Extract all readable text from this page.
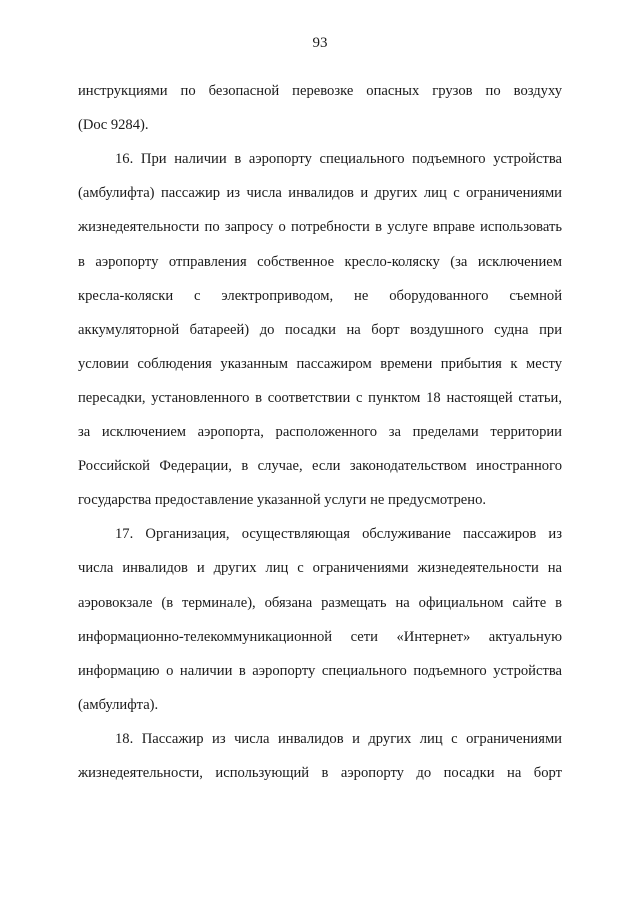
93
инструкциями по безопасной перевозке опасных грузов по воздуху
(Doc 9284).
16. При наличии в аэропорту специального подъемного устройства
(амбулифта) пассажир из числа инвалидов и других лиц с ограничениями
жизнедеятельности по запросу о потребности в услуге вправе использовать
в аэропорту отправления собственное кресло-коляску (за исключением
кресла-коляски с электроприводом, не оборудованного съемной
аккумуляторной батареей) до посадки на борт воздушного судна при
условии соблюдения указанным пассажиром времени прибытия к месту
пересадки, установленного в соответствии с пунктом 18 настоящей статьи,
за исключением аэропорта, расположенного за пределами территории
Российской Федерации, в случае, если законодательством иностранного
государства предоставление указанной услуги не предусмотрено.
17. Организация, осуществляющая обслуживание пассажиров из
числа инвалидов и других лиц с ограничениями жизнедеятельности на
аэровокзале (в терминале), обязана размещать на официальном сайте в
информационно-телекоммуникационной сети «Интернет» актуальную
информацию о наличии в аэропорту специального подъемного устройства
(амбулифта).
18. Пассажир из числа инвалидов и других лиц с ограничениями
жизнедеятельности, использующий в аэропорту до посадки на борт
